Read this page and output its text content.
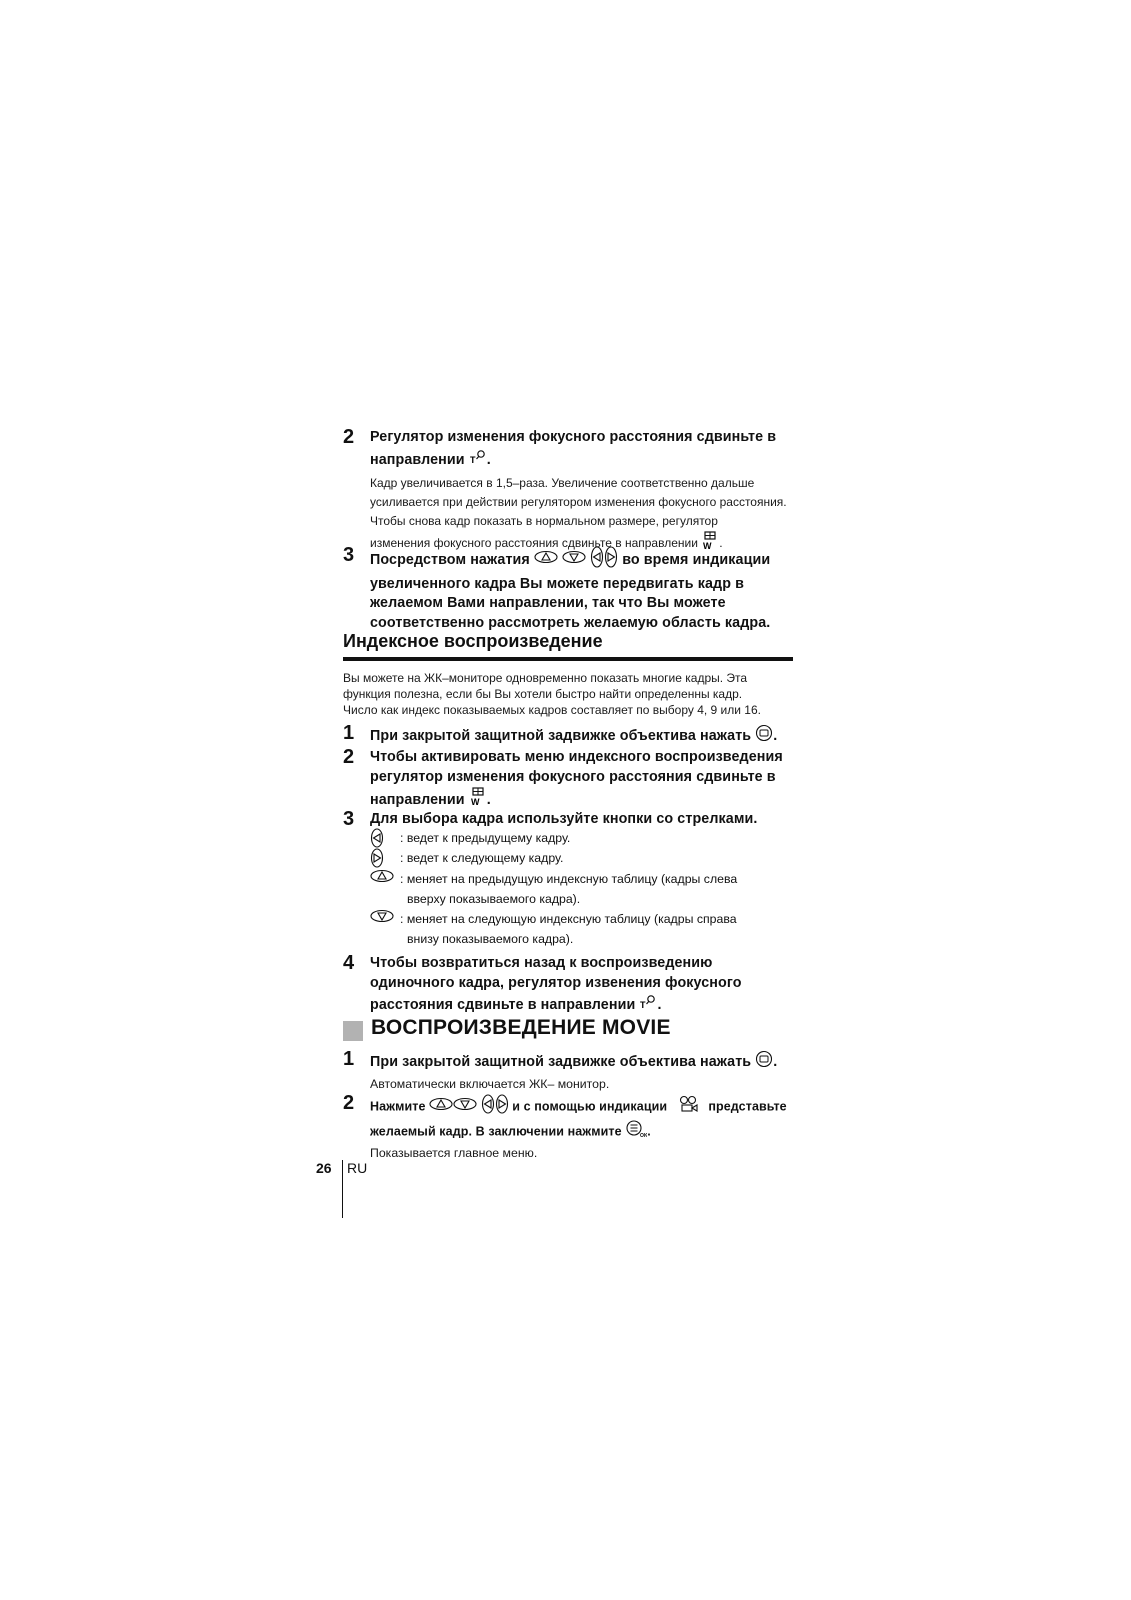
2	Регулятор изменения фокусного расстояния сдвиньте в направлении T .
Кадр увеличивается в 1,5–раза. Увеличение соответственно дальше
усиливается при действии регулятором изменения фокусного расстояния.
Чтобы снова кадр показать в нормальном размере, регулятор
изменения фокусного расстояния сдвиньте в направлении W .
3	Посредством нажатия	во время индикации
увеличенного кадра Вы можете передвигать кадр в
желаемом Вами направлении, так что Вы можете
соответственно рассмотреть желаемую область кадра.
Индексное воспроизведение
Вы можете на ЖК–мониторе одновременно показать многие кадры. Эта
функция полезна, если бы Вы хотели быстро найти определенны кадр.
Число как индекс показываемых кадров составляет по выбору 4, 9 или 16.
1	При закрытой защитной задвижке объектива нажать .
2	Чтобы активировать меню индексного воспроизведения
регулятор изменения фокусного расстояния сдвиньте в
направлении W .
3	Для выбора кадра используйте кнопки со стрелками.
: ведет к предыдущему кадру.
: ведет к следующему кадру.
: меняет на предыдущую индексную таблицу (кадры слева
вверху показываемого кадра).
: меняет на следующую индексную таблицу (кадры справа
внизу показываемого кадра).
4	Чтобы возвратиться назад к воспроизведению
одиночного кадра, регулятор извенения фокусного
расстояния сдвиньте в направлении T .
ВОСПРОИЗВЕДЕНИЕ MOVIE
1	При закрытой защитной задвижке объектива нажать .
Автоматически включается ЖК– монитор.
2	Нажмите	и с помощью индикации	представьте
желаемый кадр. В заключении нажмите	OK .
Показывается главное меню.
26 RU
